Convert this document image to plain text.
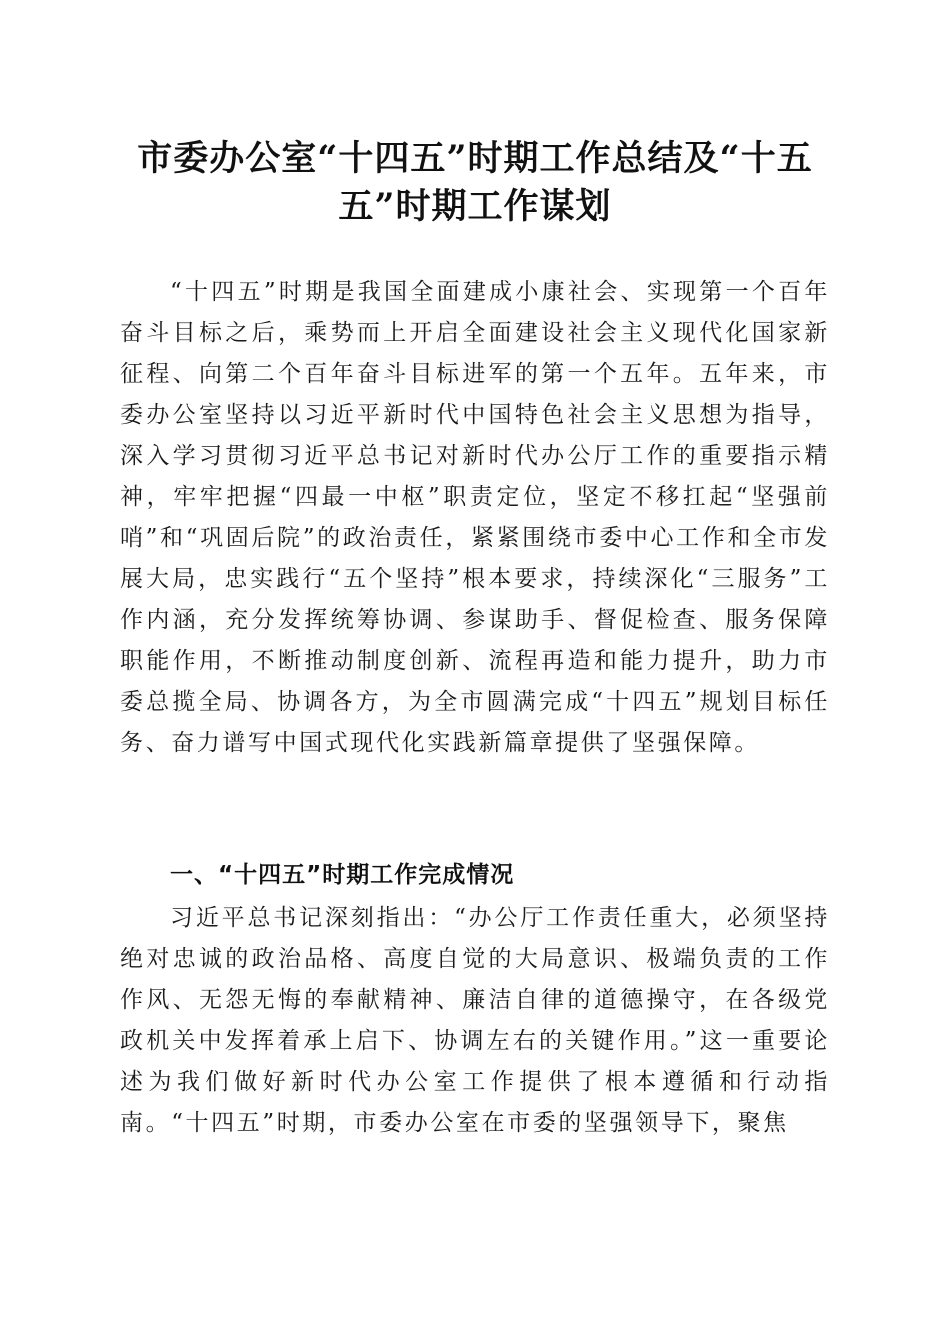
市委办公室“十四五”时期工作总结及“十五五”时期工作谋划

“十四五”时期是我国全面建成小康社会、实现第一个百年奋斗目标之后，乘势而上开启全面建设社会主义现代化国家新征程、向第二个百年奋斗目标进军的第一个五年。五年来，市委办公室坚持以习近平新时代中国特色社会主义思想为指导，深入学习贯彻习近平总书记对新时代办公厅工作的重要指示精神，牢牢把握“四最一中枢”职责定位，坚定不移扛起“坚强前哨”和“巩固后院”的政治责任，紧紧围绕市委中心工作和全市发展大局，忠实践行“五个坚持”根本要求，持续深化“三服务”工作内涵，充分发挥统筹协调、参谋助手、督促检查、服务保障职能作用，不断推动制度创新、流程再造和能力提升，助力市委总揽全局、协调各方，为全市圆满完成“十四五”规划目标任务、奋力谱写中国式现代化实践新篇章提供了坚强保障。

一、“十四五”时期工作完成情况

习近平总书记深刻指出：“办公厅工作责任重大，必须坚持绝对忠诚的政治品格、高度自觉的大局意识、极端负责的工作作风、无怨无悔的奉献精神、廉洁自律的道德操守，在各级党政机关中发挥着承上启下、协调左右的关键作用。”这一重要论述为我们做好新时代办公室工作提供了根本遵循和行动指南。“十四五”时期，市委办公室在市委的坚强领导下，聚焦
